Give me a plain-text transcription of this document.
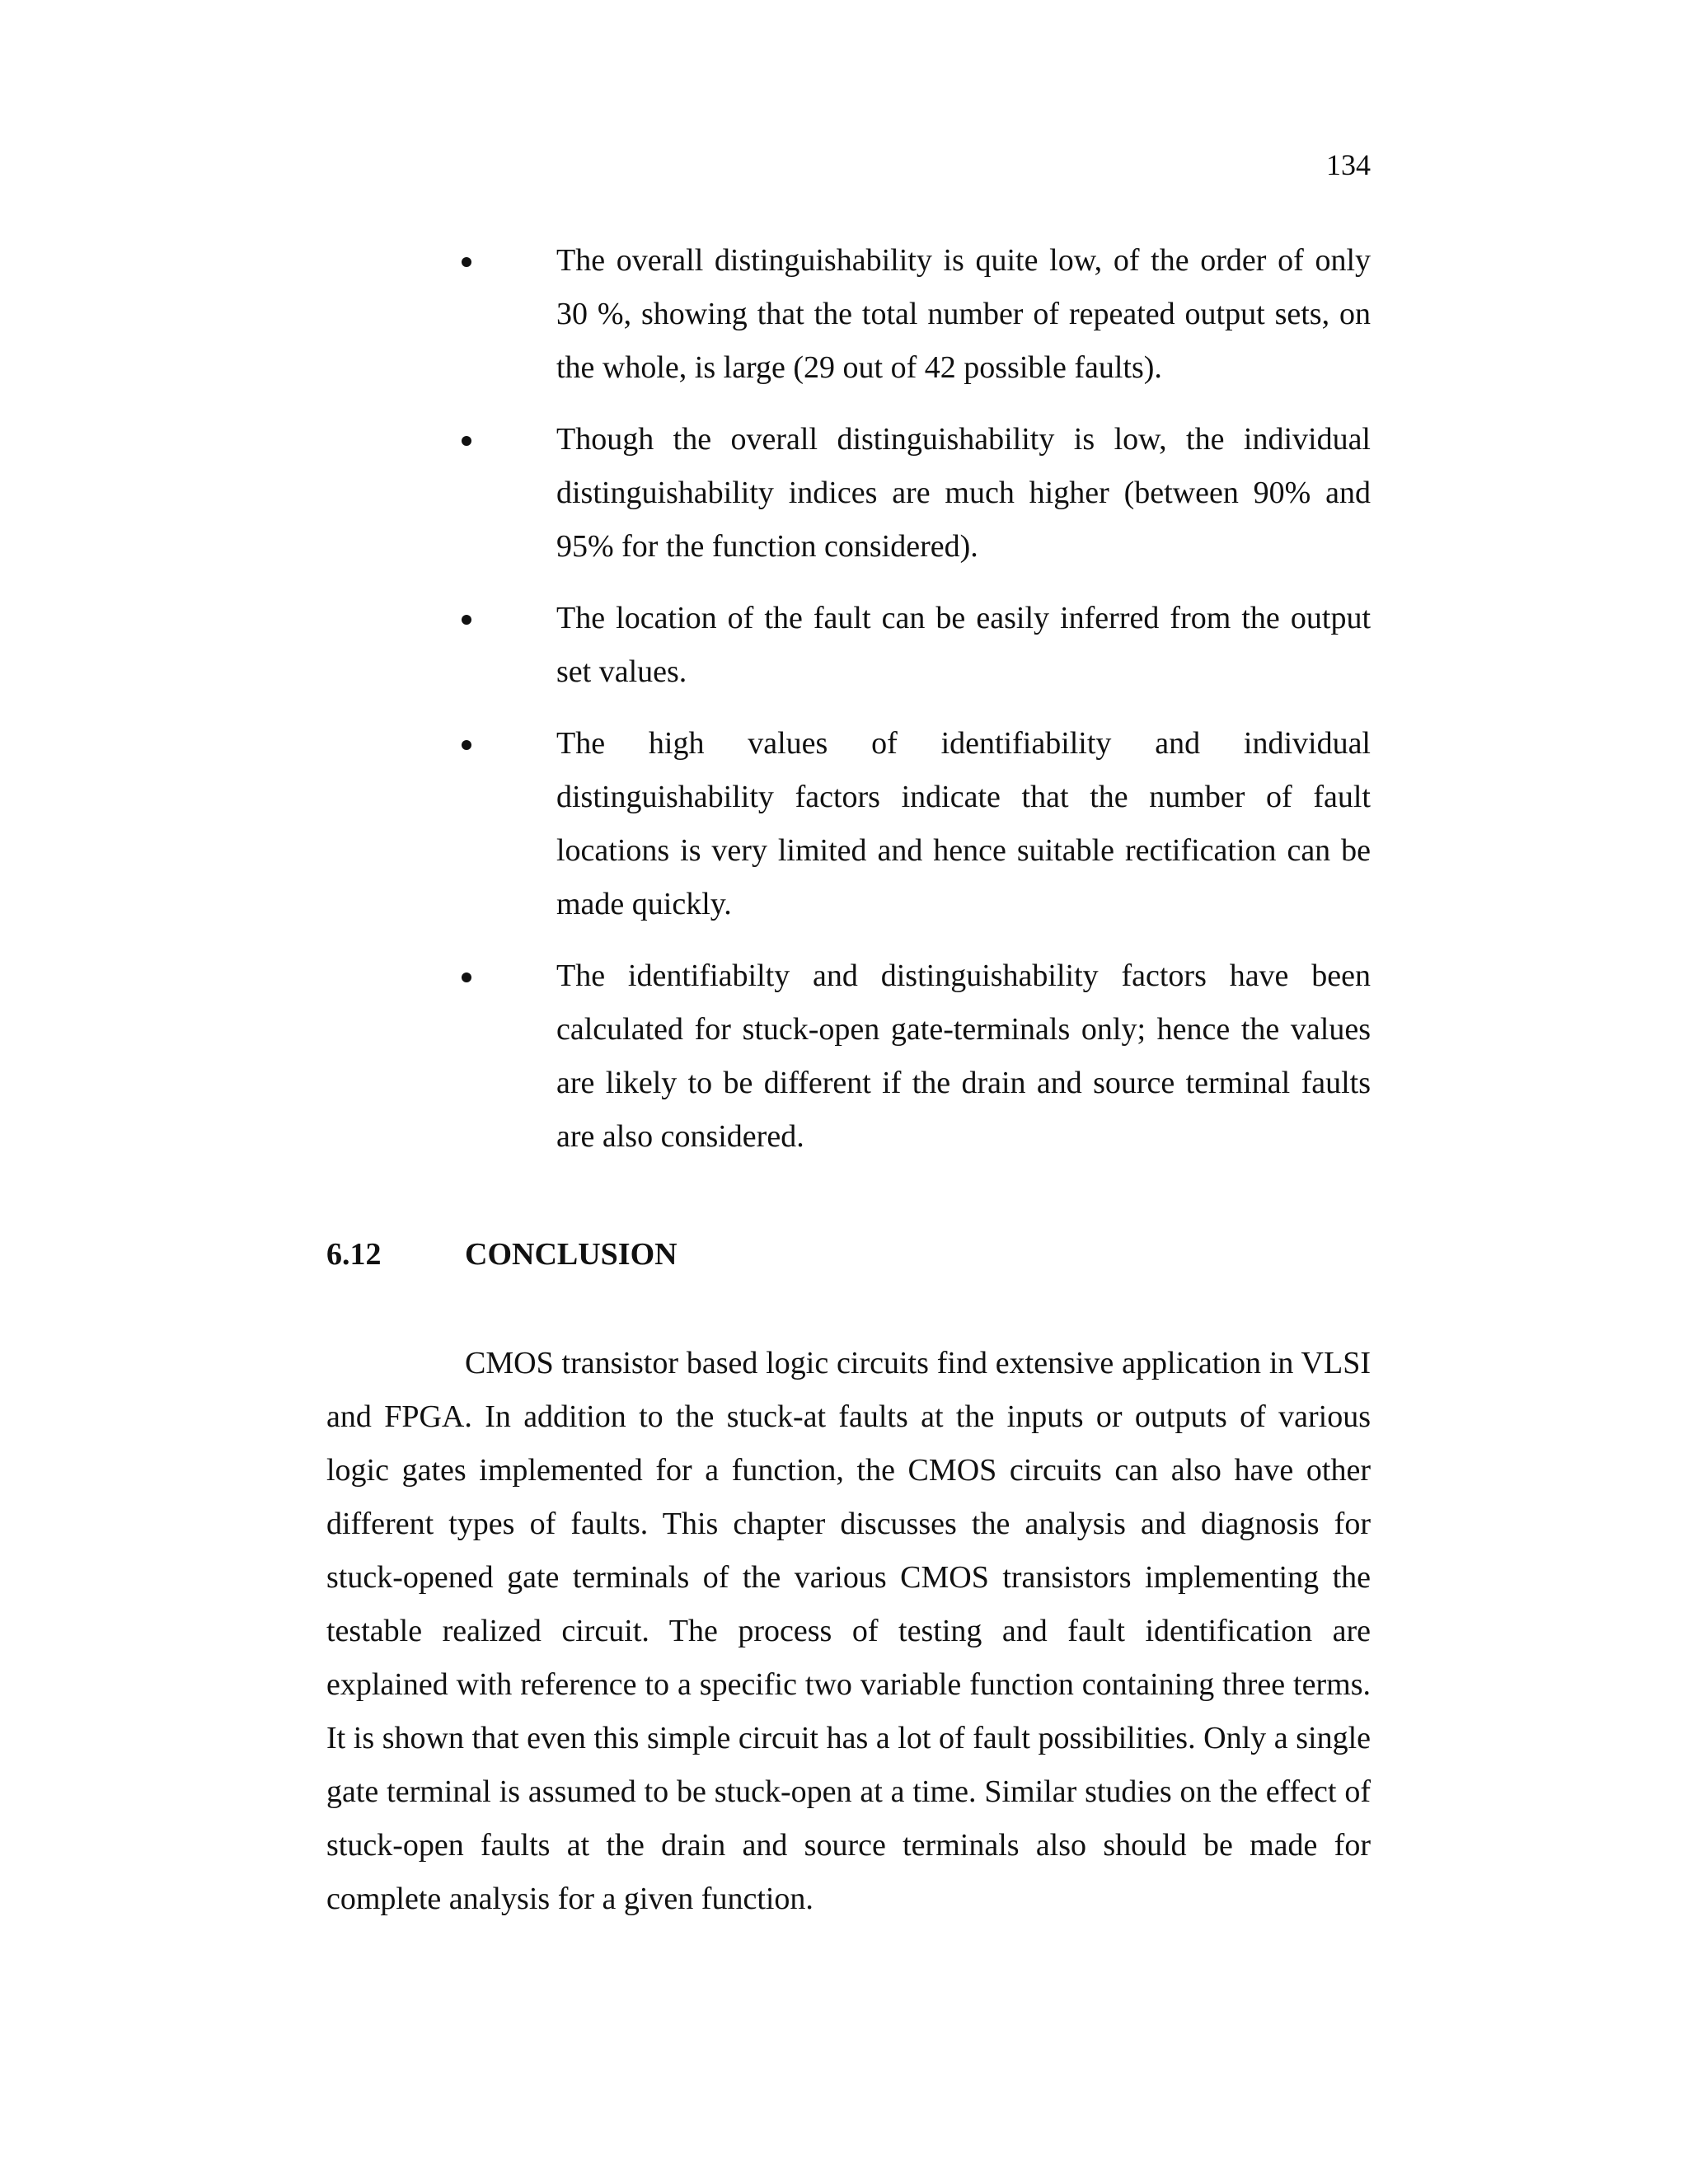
134
The overall distinguishability is quite low, of the order of only 30 %, showing that the total number of repeated output sets, on the whole, is large (29 out of 42 possible faults).
Though the overall distinguishability is low, the individual distinguishability indices are much higher (between 90% and 95% for the function considered).
The location of the fault can be easily inferred from the output set values.
The high values of identifiability and individual distinguishability factors indicate that the number of fault locations is very limited and hence suitable rectification can be made quickly.
The identifiabilty and distinguishability factors have been calculated for stuck-open gate-terminals only; hence the values are likely to be different if the drain and source terminal faults are also considered.
6.12	CONCLUSION

CMOS transistor based logic circuits find extensive application in VLSI and FPGA. In addition to the stuck-at faults at the inputs or outputs of various logic gates implemented for a function, the CMOS circuits can also have other different types of faults. This chapter discusses the analysis and diagnosis for stuck-opened gate terminals of the various CMOS transistors implementing the testable realized circuit. The process of testing and fault identification are explained with reference to a specific two variable function containing three terms. It is shown that even this simple circuit has a lot of fault possibilities. Only a single gate terminal is assumed to be stuck-open at a time. Similar studies on the effect of stuck-open faults at the drain and source terminals also should be made for complete analysis for a given function.
